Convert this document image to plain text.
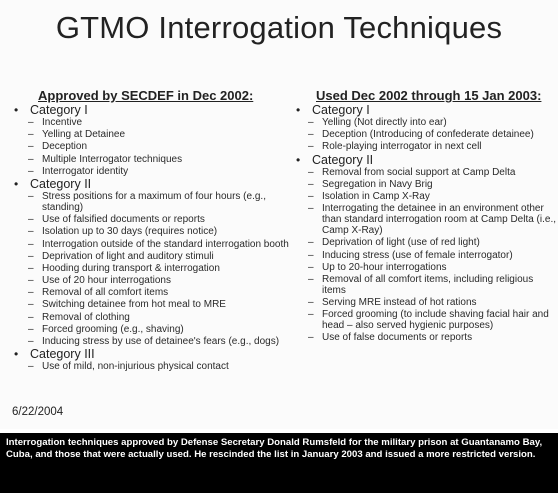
GTMO Interrogation Techniques
Approved by SECDEF in Dec 2002:
• Category I
– Incentive
– Yelling at Detainee
– Deception
– Multiple Interrogator techniques
– Interrogator identity
• Category II
– Stress positions for a maximum of four hours (e.g., standing)
– Use of falsified documents or reports
– Isolation up to 30 days (requires notice)
– Interrogation outside of the standard interrogation booth
– Deprivation of light and auditory stimuli
– Hooding during transport & interrogation
– Use of 20 hour interrogations
– Removal of all comfort items
– Switching detainee from hot meal to MRE
– Removal of clothing
– Forced grooming (e.g., shaving)
– Inducing stress by use of detainee's fears (e.g., dogs)
• Category III
– Use of mild, non-injurious physical contact
Used Dec 2002 through 15 Jan 2003:
• Category I
– Yelling (Not directly into ear)
– Deception (Introducing of confederate detainee)
– Role-playing interrogator in next cell
• Category II
– Removal from social support at Camp Delta
– Segregation in Navy Brig
– Isolation in Camp X-Ray
– Interrogating the detainee in an environment other than standard interrogation room at Camp Delta (i.e., Camp X-Ray)
– Deprivation of light (use of red light)
– Inducing stress (use of female interrogator)
– Up to 20-hour interrogations
– Removal of all comfort items, including religious items
– Serving MRE instead of hot rations
– Forced grooming (to include shaving facial hair and head – also served hygienic purposes)
– Use of false documents or reports
6/22/2004

Interrogation techniques approved by Defense Secretary Donald Rumsfeld for the military prison at Guantanamo Bay, Cuba, and those that were actually used. He rescinded the list in January 2003 and issued a more restricted version.
